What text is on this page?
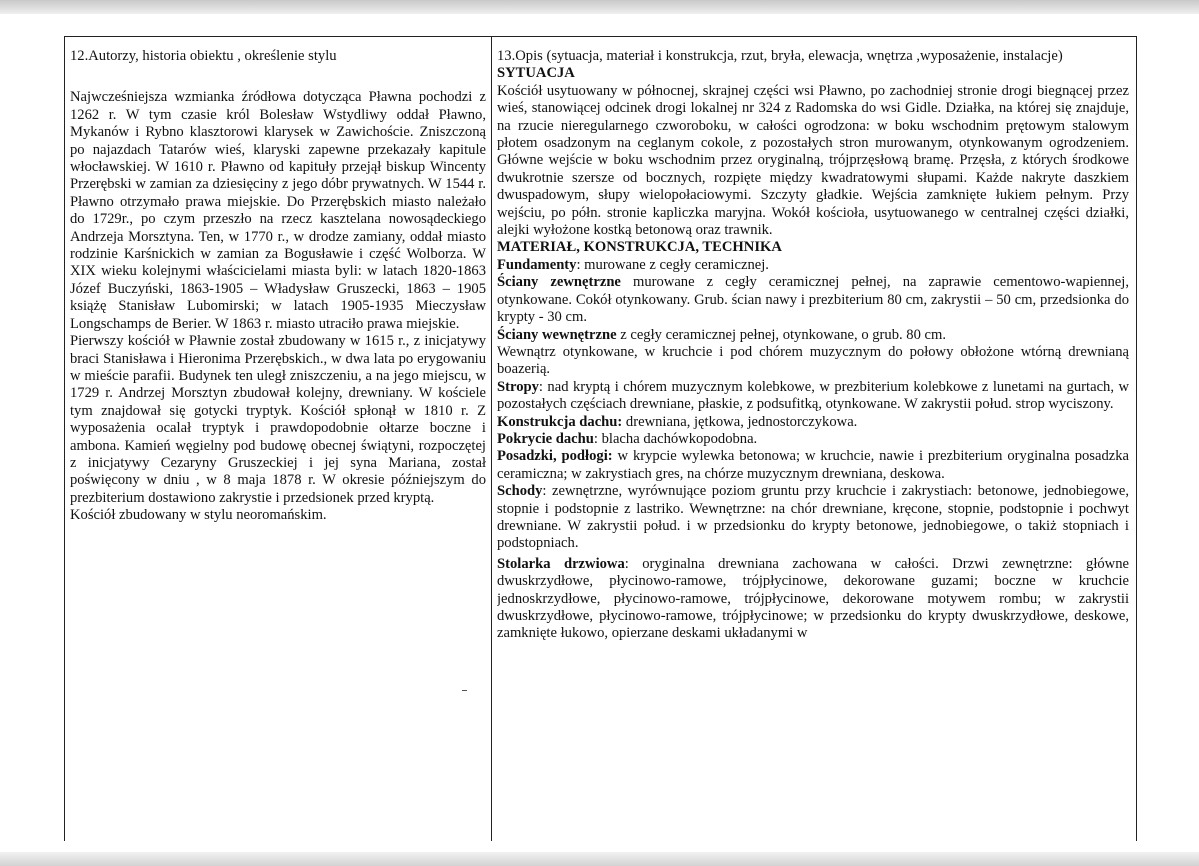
12.Autorzy, historia obiektu , określenie stylu

Najwcześniejsza wzmianka źródłowa dotycząca Pławna pochodzi z 1262 r. W tym czasie król Bolesław Wstydliwy oddał Pławno, Mykanów i Rybno klasztorowi klarysek w Zawichoście. Zniszczoną po najazdach Tatarów wieś, klaryski zapewne przekazały kapitule włocławskiej. W 1610 r. Pławno od kapituły przejął biskup Wincenty Przerębski w zamian za dziesięciny z jego dóbr prywatnych. W 1544 r. Pławno otrzymało prawa miejskie. Do Przerębskich miasto należało do 1729r., po czym przeszło na rzecz kasztelana nowosądeckiego Andrzeja Morsztyna. Ten, w 1770 r., w drodze zamiany, oddał miasto rodzinie Karśnickich w zamian za Bogusławie i część Wolborza. W XIX wieku kolejnymi właścicielami miasta byli: w latach 1820-1863 Józef Buczyński, 1863-1905 – Władysław Gruszecki, 1863 – 1905 książę Stanisław Lubomirski; w latach 1905-1935 Mieczysław Longschamps de Berier. W 1863 r. miasto utraciło prawa miejskie.

Pierwszy kościół w Pławnie został zbudowany w 1615 r., z inicjatywy braci Stanisława i Hieronima Przerębskich., w dwa lata po erygowaniu w mieście parafii. Budynek ten uległ zniszczeniu, a na jego miejscu, w 1729 r. Andrzej Morsztyn zbudował kolejny, drewniany. W kościele tym znajdował się gotycki tryptyk. Kościół spłonął w 1810 r. Z wyposażenia ocalał tryptyk i prawdopodobnie ołtarze boczne i ambona. Kamień węgielny pod budowę obecnej świątyni, rozpoczętej z inicjatywy Cezaryny Gruszeckiej i jej syna Mariana, został poświęcony w dniu , w 8 maja 1878 r. W okresie późniejszym do prezbiterium dostawiono zakrystie i przedsionek przed kryptą.

Kościół zbudowany w stylu neoromańskim.

13.Opis (sytuacja, materiał i konstrukcja, rzut, bryła, elewacja, wnętrza ,wyposażenie, instalacje)

SYTUACJA

Kościół usytuowany w północnej, skrajnej części wsi Pławno, po zachodniej stronie drogi biegnącej przez wieś, stanowiącej odcinek drogi lokalnej nr 324 z Radomska do wsi Gidle. Działka, na której się znajduje, na rzucie nieregularnego czworoboku, w całości ogrodzona: w boku wschodnim prętowym stalowym płotem osadzonym na ceglanym cokole, z pozostałych stron murowanym, otynkowanym ogrodzeniem. Główne wejście w boku wschodnim przez oryginalną, trójprzęsłową bramę. Przęsła, z których środkowe dwukrotnie szersze od bocznych, rozpięte między kwadratowymi słupami. Każde nakryte daszkiem dwuspadowym, słupy wielopołaciowymi. Szczyty gładkie. Wejścia zamknięte łukiem pełnym. Przy wejściu, po półn. stronie kapliczka maryjna. Wokół kościoła, usytuowanego w centralnej części działki, alejki wyłożone kostką betonową oraz trawnik.

MATERIAŁ, KONSTRUKCJA, TECHNIKA

Fundamenty: murowane z cegły ceramicznej.

Ściany zewnętrzne murowane z cegły ceramicznej pełnej, na zaprawie cementowo-wapiennej, otynkowane. Cokół otynkowany. Grub. ścian nawy i prezbiterium 80 cm, zakrystii – 50 cm, przedsionka do krypty - 30 cm.

Ściany wewnętrzne z cegły ceramicznej pełnej, otynkowane, o grub. 80 cm.

Wewnątrz otynkowane, w kruchcie i pod chórem muzycznym do połowy obłożone wtórną drewnianą boazerią.

Stropy: nad kryptą i chórem muzycznym kolebkowe, w prezbiterium kolebkowe z lunetami na gurtach, w pozostałych częściach drewniane, płaskie, z podsufitką, otynkowane. W zakrystii połud. strop wyciszony.

Konstrukcja dachu: drewniana, jętkowa, jednostorczykowa.

Pokrycie dachu: blacha dachówkopodobna.

Posadzki, podłogi: w krypcie wylewka betonowa; w kruchcie, nawie i prezbiterium oryginalna posadzka ceramiczna; w zakrystiach gres, na chórze muzycznym drewniana, deskowa.

Schody: zewnętrzne, wyrównujące poziom gruntu przy kruchcie i zakrystiach: betonowe, jednobiegowe, stopnie i podstopnie z lastriko. Wewnętrzne: na chór drewniane, kręcone, stopnie, podstopnie i pochwyt drewniane. W zakrystii połud. i w przedsionku do krypty betonowe, jednobiegowe, o takiż stopniach i podstopniach.

Stolarka drzwiowa: oryginalna drewniana zachowana w całości. Drzwi zewnętrzne: główne dwuskrzydłowe, płycinowo-ramowe, trójpłycinowe, dekorowane guzami; boczne w kruchcie jednoskrzydłowe, płycinowo-ramowe, trójpłycinowe, dekorowane motywem rombu; w zakrystii dwuskrzydłowe, płycinowo-ramowe, trójpłycinowe; w przedsionku do krypty dwuskrzydłowe, deskowe, zamknięte łukowo, opierzane deskami układanymi w
